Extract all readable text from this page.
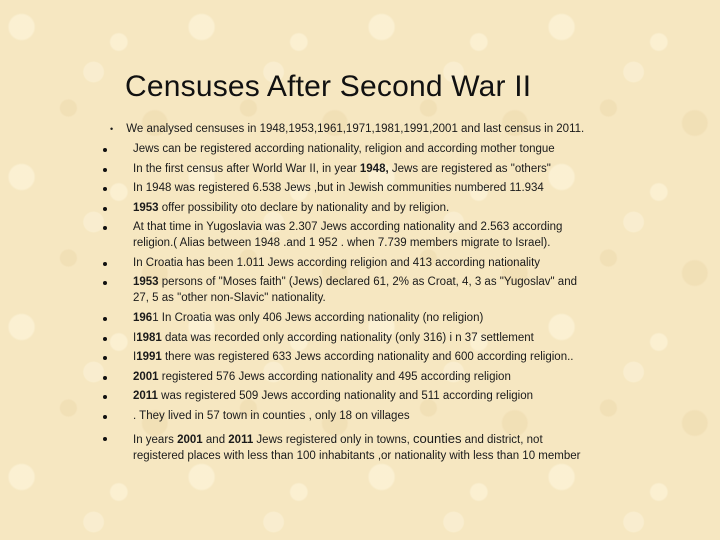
Censuses After Second War II
• We analysed censuses in 1948,1953,1961,1971,1981,1991,2001 and last census in 2011.
Jews can be registered according nationality, religion and according mother tongue
In the first census after World War II, in year 1948, Jews are registered as "others"
In 1948 was registered 6.538 Jews ,but in Jewish communities numbered 11.934
1953 offer possibility oto declare by nationality and by religion.
At that time in Yugoslavia was 2.307 Jews according nationality and 2.563 according
religion.( Alias between 1948 .and 1 952 . when 7.739 members migrate to Israel).
In Croatia has been 1.011 Jews according religion and 413 according nationality
1953 persons of "Moses faith" (Jews) declared 61, 2% as Croat, 4, 3 as "Yugoslav" and
27, 5 as "other non-Slavic" nationality.
1961 In Croatia was only 406 Jews according nationality (no religion)
I1981 data was recorded only according nationality (only 316) i n 37 settlement
I1991 there was registered 633 Jews according nationality and 600 according religion..
2001 registered 576 Jews according nationality and 495 according religion
2011 was registered 509 Jews according nationality and 511 according religion
. They lived in 57 town in counties , only 18 on villages
In years 2001 and 2011 Jews registered only in towns, counties and district, not
registered places with less than 100 inhabitants ,or nationality with less than 10 member
